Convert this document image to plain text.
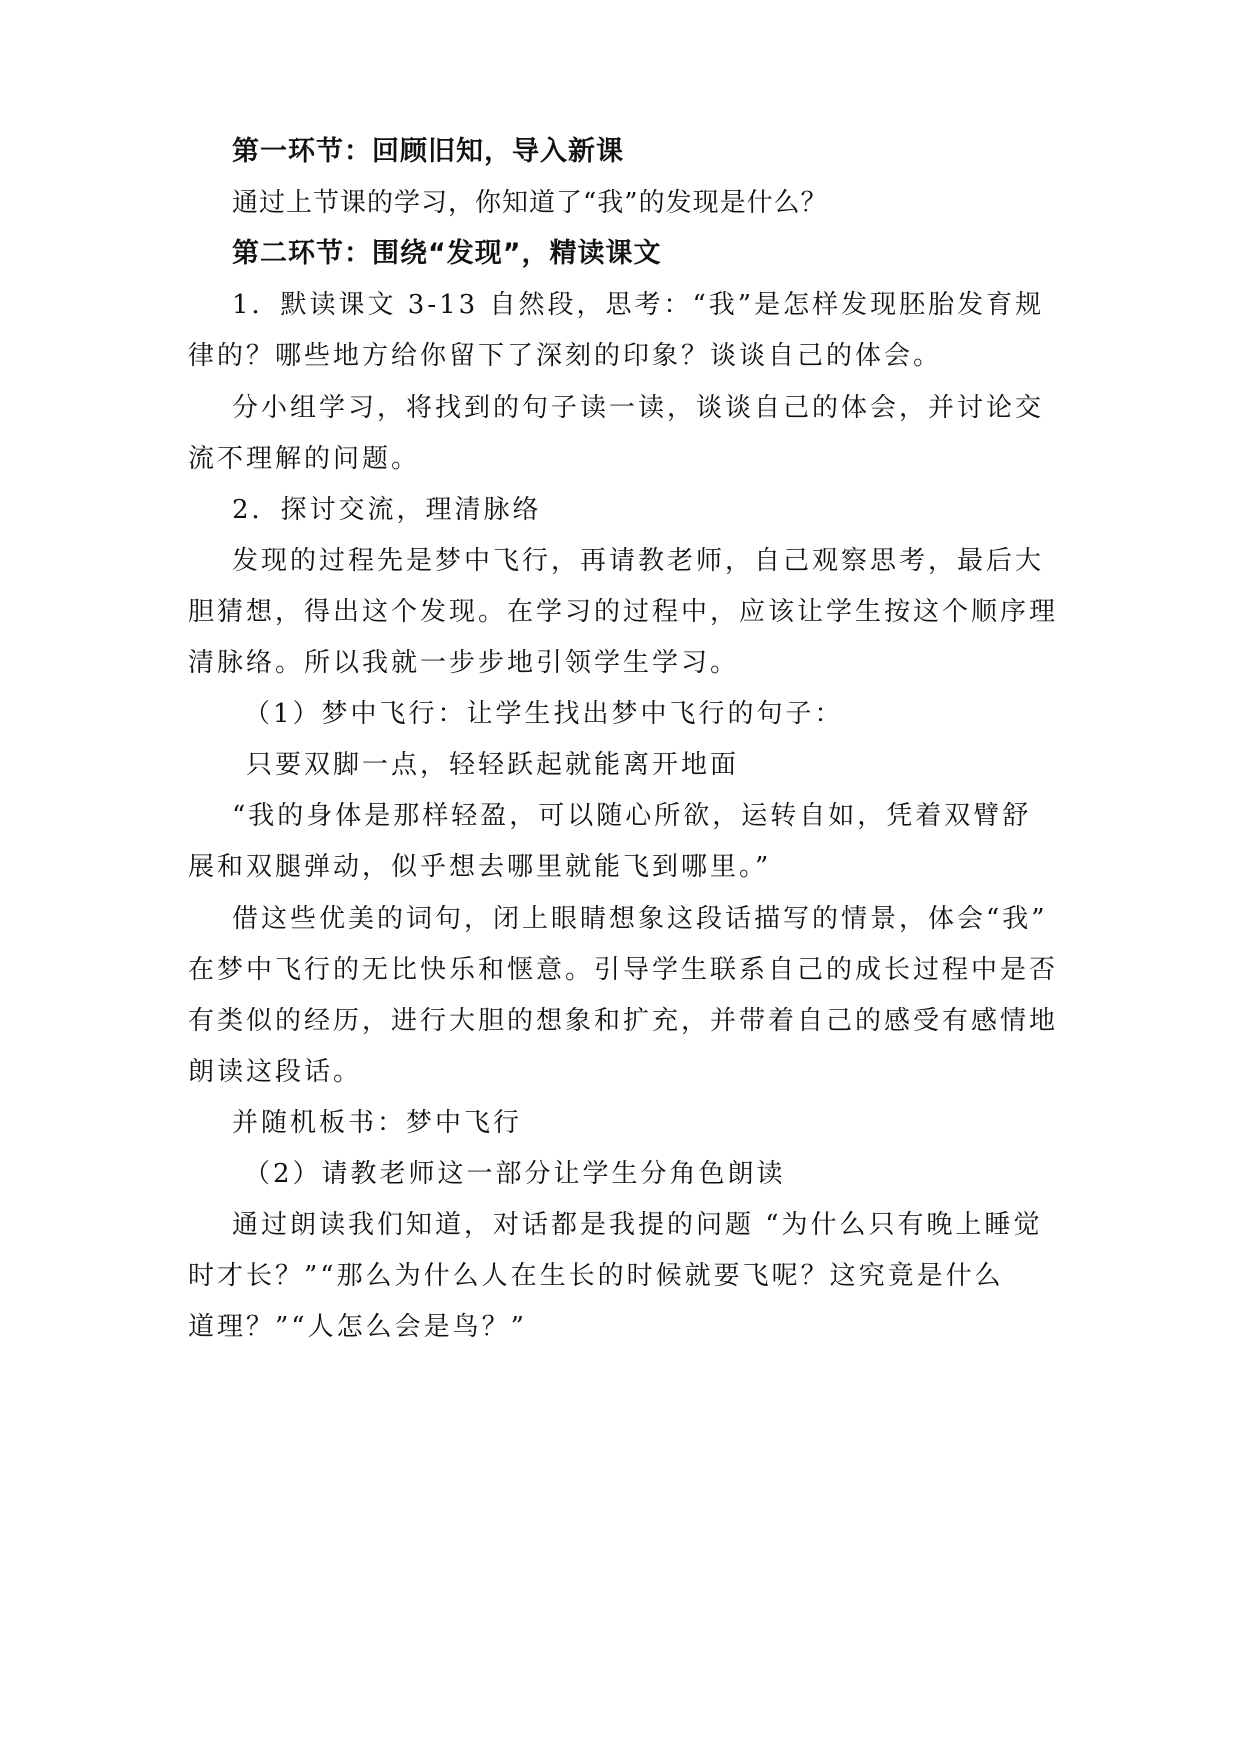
第一环节：回顾旧知，导入新课
通过上节课的学习，你知道了“我”的发现是什么？
第二环节：围绕“发现”，精读课文
1．默读课文 3-13 自然段，思考：“我”是怎样发现胚胎发育规
律的？哪些地方给你留下了深刻的印象？谈谈自己的体会。
分小组学习，将找到的句子读一读，谈谈自己的体会，并讨论交
流不理解的问题。
2．探讨交流，理清脉络
发现的过程先是梦中飞行，再请教老师，自己观察思考，最后大
胆猜想，得出这个发现。在学习的过程中，应该让学生按这个顺序理
清脉络。所以我就一步步地引领学生学习。
（1）梦中飞行：让学生找出梦中飞行的句子：
只要双脚一点，轻轻跃起就能离开地面
“我的身体是那样轻盈，可以随心所欲，运转自如，凭着双臂舒
展和双腿弹动，似乎想去哪里就能飞到哪里。”
借这些优美的词句，闭上眼睛想象这段话描写的情景，体会“我”
在梦中飞行的无比快乐和惬意。引导学生联系自己的成长过程中是否
有类似的经历，进行大胆的想象和扩充，并带着自己的感受有感情地
朗读这段话。
并随机板书：梦中飞行
（2）请教老师这一部分让学生分角色朗读
通过朗读我们知道，对话都是我提的问题 “为什么只有晚上睡觉
时才长？”“那么为什么人在生长的时候就要飞呢？这究竟是什么
道理？”“人怎么会是鸟？”
